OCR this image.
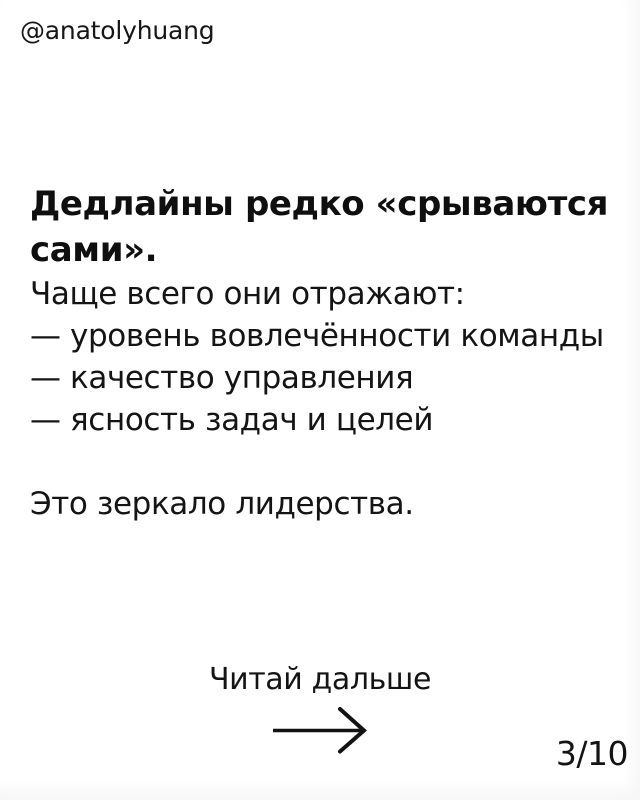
@anatolyhuang
Дедлайны редко «срываются
сами».

Чаще всего они отражают:

— уровень вовлечённости команды

— качество управления

— ясность задач и целей

Это зеркало лидерства.

Читай дальше
3/10
